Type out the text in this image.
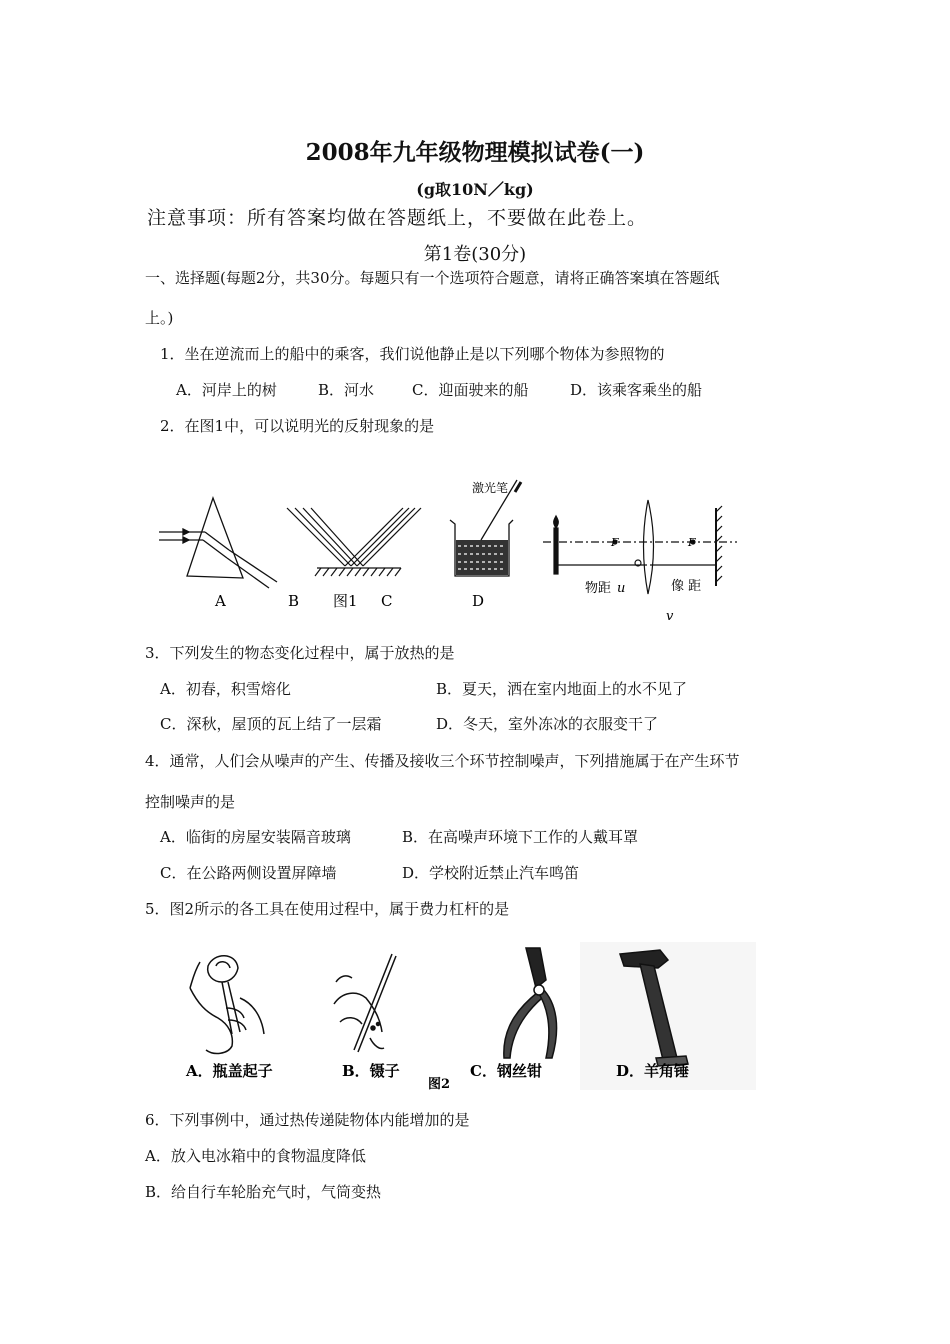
2008年九年级物理模拟试卷(一)
(g取10N／kg)
注意事项：所有答案均做在答题纸上，不要做在此卷上。
第1卷(30分)
一、选择题(每题2分，共30分。每题只有一个选项符合题意，请将正确答案填在答题纸
上。)
1．坐在逆流而上的船中的乘客，我们说他静止是以下列哪个物体为参照物的
A．河岸上的树	B．河水	C．迎面驶来的船	D．该乘客乘坐的船
2．在图1中，可以说明光的反射现象的是
激光笔
F	F
物距 u	像 距
v
A	B 图1 C	D
3．下列发生的物态变化过程中，属于放热的是
A．初春，积雪熔化	B．夏天，洒在室内地面上的水不见了
C．深秋，屋顶的瓦上结了一层霜	D．冬天，室外冻冰的衣服变干了
4．通常，人们会从噪声的产生、传播及接收三个环节控制噪声，下列措施属于在产生环节
控制噪声的是
A．临街的房屋安装隔音玻璃	B．在高噪声环境下工作的人戴耳罩
C．在公路两侧设置屏障墙	D．学校附近禁止汽车鸣笛
5．图2所示的各工具在使用过程中，属于费力杠杆的是
A．瓶盖起子	B．镊子	C．钢丝钳	D．羊角锤
图2
6．下列事例中，通过热传递陡物体内能增加的是
A．放入电冰箱中的食物温度降低
B．给自行车轮胎充气时，气筒变热
